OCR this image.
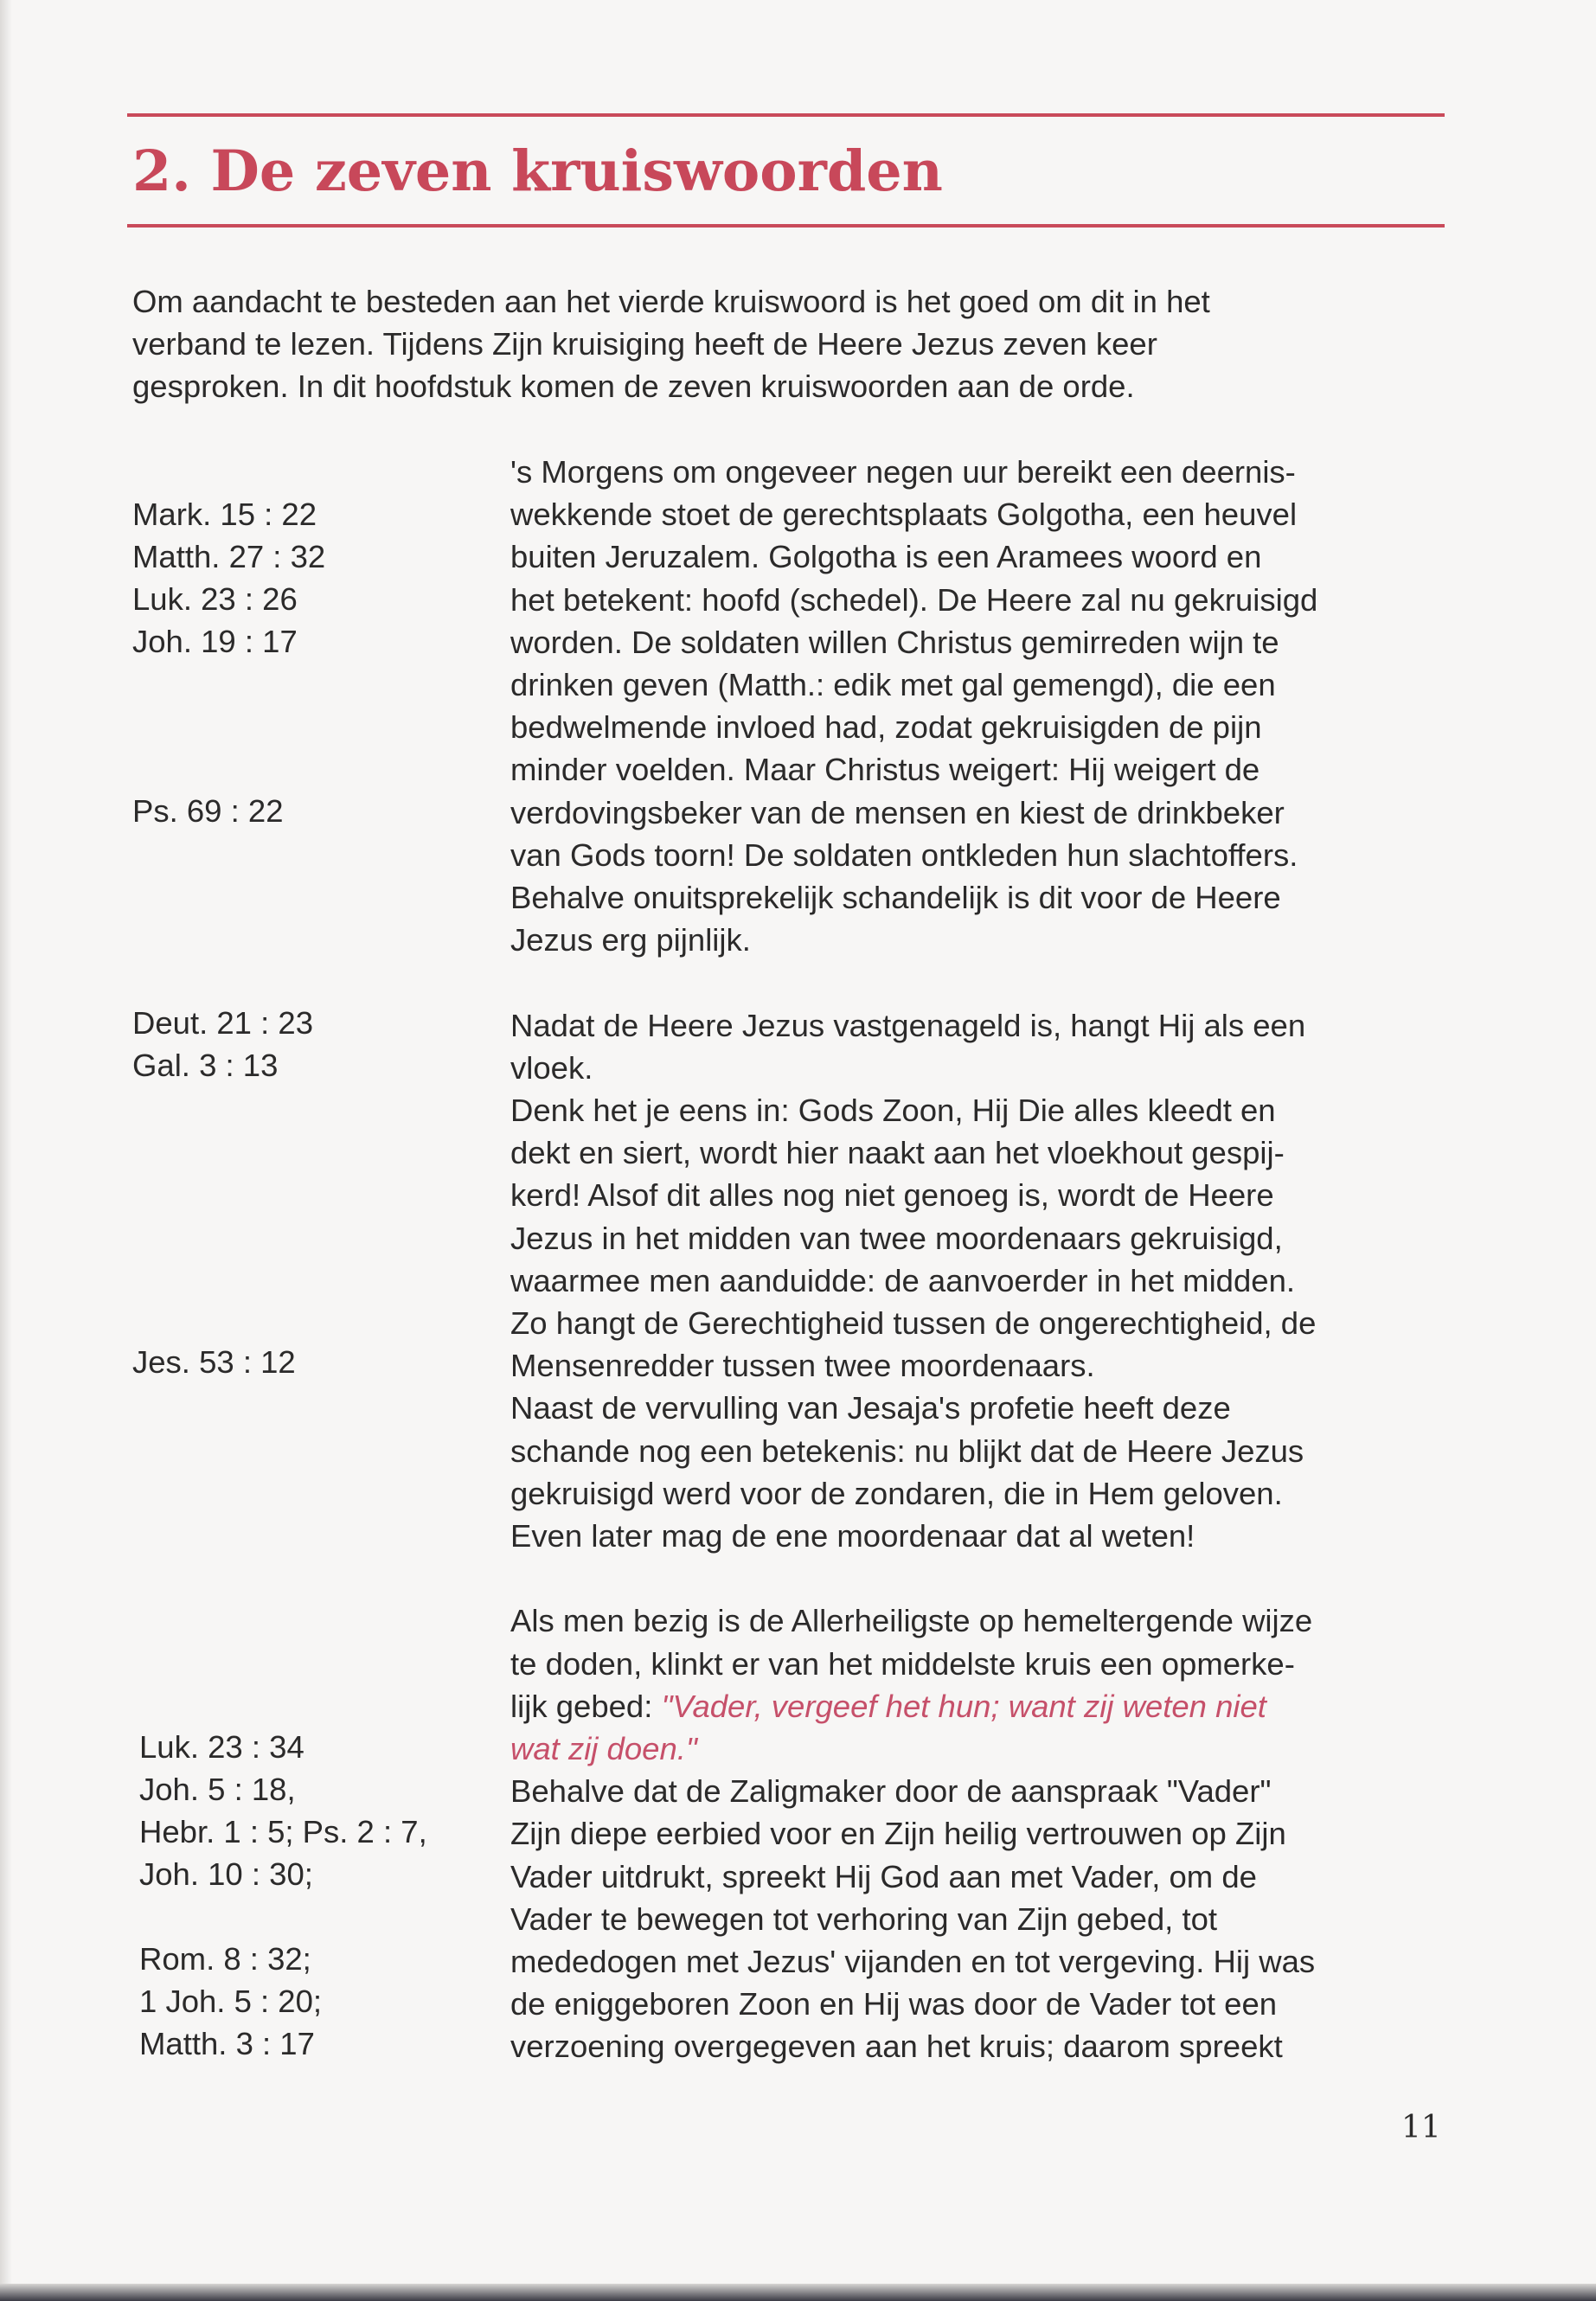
2. De zeven kruiswoorden

Om aandacht te besteden aan het vierde kruiswoord is het goed om dit in het
verband te lezen. Tijdens Zijn kruisiging heeft de Heere Jezus zeven keer
gesproken. In dit hoofdstuk komen de zeven kruiswoorden aan de orde.

Mark. 15 : 22
Matth. 27 : 32
Luk. 23 : 26
Joh. 19 : 17
Ps. 69 : 22
Deut. 21 : 23
Gal. 3 : 13
Jes. 53 : 12
Luk. 23 : 34
Joh. 5 : 18,
Hebr. 1 : 5; Ps. 2 : 7,
Joh. 10 : 30;
Rom. 8 : 32;
1 Joh. 5 : 20;
Matth. 3 : 17
's Morgens om ongeveer negen uur bereikt een deernis-
wekkende stoet de gerechtsplaats Golgotha, een heuvel
buiten Jeruzalem. Golgotha is een Aramees woord en
het betekent: hoofd (schedel). De Heere zal nu gekruisigd
worden. De soldaten willen Christus gemirreden wijn te
drinken geven (Matth.: edik met gal gemengd), die een
bedwelmende invloed had, zodat gekruisigden de pijn
minder voelden. Maar Christus weigert: Hij weigert de
verdovingsbeker van de mensen en kiest de drinkbeker
van Gods toorn! De soldaten ontkleden hun slachtoffers.
Behalve onuitsprekelijk schandelijk is dit voor de Heere
Jezus erg pijnlijk.
Nadat de Heere Jezus vastgenageld is, hangt Hij als een
vloek.
Denk het je eens in: Gods Zoon, Hij Die alles kleedt en
dekt en siert, wordt hier naakt aan het vloekhout gespij-
kerd! Alsof dit alles nog niet genoeg is, wordt de Heere
Jezus in het midden van twee moordenaars gekruisigd,
waarmee men aanduidde: de aanvoerder in het midden.
Zo hangt de Gerechtigheid tussen de ongerechtigheid, de
Mensenredder tussen twee moordenaars.
Naast de vervulling van Jesaja's profetie heeft deze
schande nog een betekenis: nu blijkt dat de Heere Jezus
gekruisigd werd voor de zondaren, die in Hem geloven.
Even later mag de ene moordenaar dat al weten!
Als men bezig is de Allerheiligste op hemeltergende wijze
te doden, klinkt er van het middelste kruis een opmerke-
lijk gebed: "Vader, vergeef het hun; want zij weten niet
wat zij doen."
Behalve dat de Zaligmaker door de aanspraak "Vader"
Zijn diepe eerbied voor en Zijn heilig vertrouwen op Zijn
Vader uitdrukt, spreekt Hij God aan met Vader, om de
Vader te bewegen tot verhoring van Zijn gebed, tot
mededogen met Jezus' vijanden en tot vergeving. Hij was
de eniggeboren Zoon en Hij was door de Vader tot een
verzoening overgegeven aan het kruis; daarom spreekt
11
